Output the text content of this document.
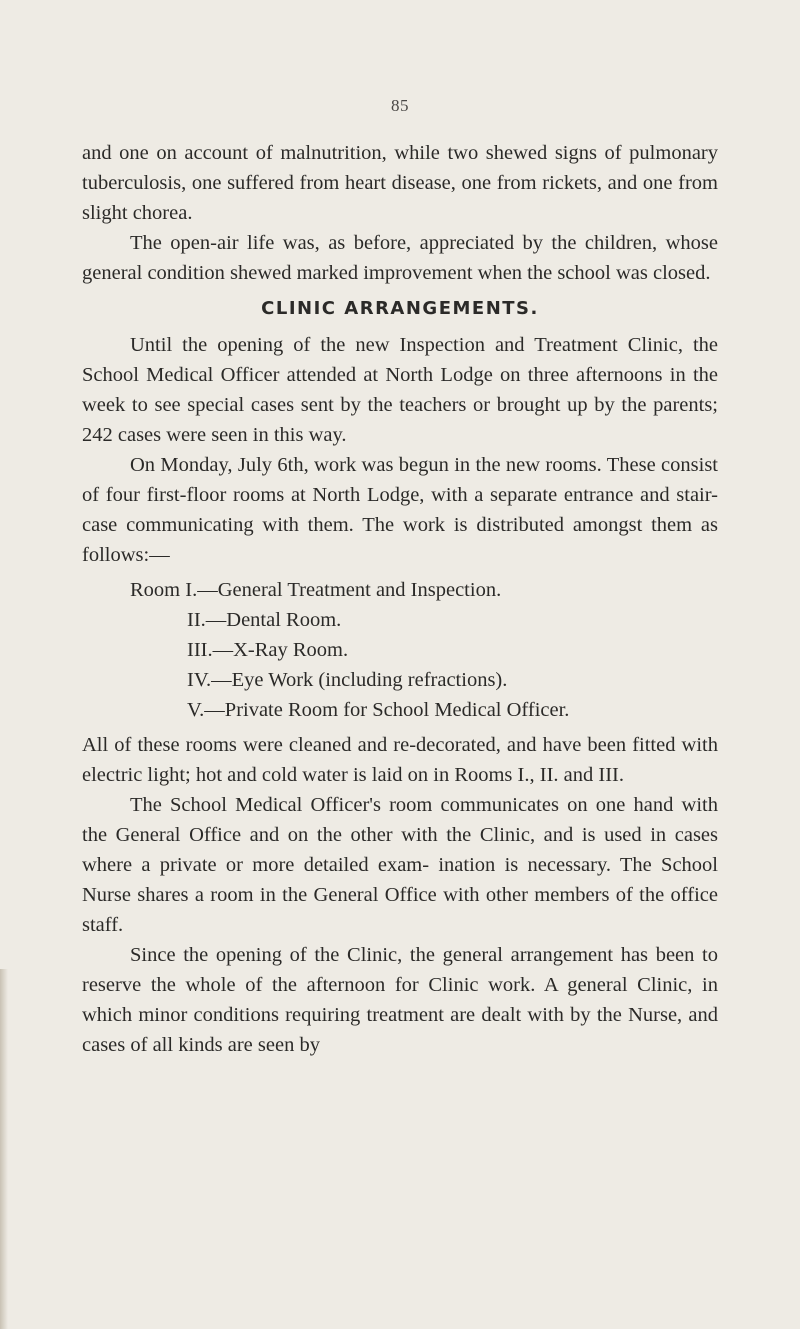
85

and one on account of malnutrition, while two shewed signs of pulmonary tuberculosis, one suffered from heart disease, one from rickets, and one from slight chorea.

The open-air life was, as before, appreciated by the children, whose general condition shewed marked improvement when the school was closed.

CLINIC ARRANGEMENTS.

Until the opening of the new Inspection and Treatment Clinic, the School Medical Officer attended at North Lodge on three afternoons in the week to see special cases sent by the teachers or brought up by the parents; 242 cases were seen in this way.

On Monday, July 6th, work was begun in the new rooms. These consist of four first-floor rooms at North Lodge, with a separate entrance and stair-case communicating with them. The work is distributed amongst them as follows:—

Room I.—General Treatment and Inspection.
II.—Dental Room.
III.—X-Ray Room.
IV.—Eye Work (including refractions).
V.—Private Room for School Medical Officer.

All of these rooms were cleaned and re-decorated, and have been fitted with electric light; hot and cold water is laid on in Rooms I., II. and III.

The School Medical Officer's room communicates on one hand with the General Office and on the other with the Clinic, and is used in cases where a private or more detailed exam- ination is necessary. The School Nurse shares a room in the General Office with other members of the office staff.

Since the opening of the Clinic, the general arrangement has been to reserve the whole of the afternoon for Clinic work. A general Clinic, in which minor conditions requiring treatment are dealt with by the Nurse, and cases of all kinds are seen by
